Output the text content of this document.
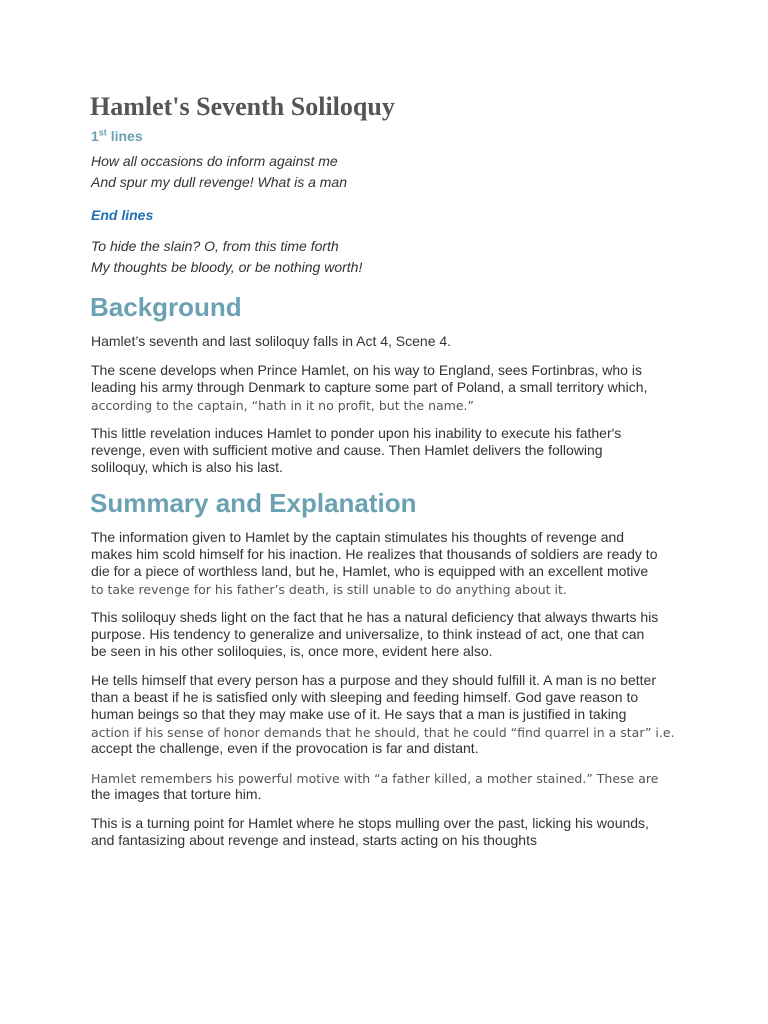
Hamlet's Seventh Soliloquy
1st lines
How all occasions do inform against me
And spur my dull revenge! What is a man
End lines
To hide the slain? O, from this time forth
My thoughts be bloody, or be nothing worth!
Background
Hamlet’s seventh and last soliloquy falls in Act 4, Scene 4.
The scene develops when Prince Hamlet, on his way to England, sees Fortinbras, who is
leading his army through Denmark to capture some part of Poland, a small territory which,
according to the captain, “hath in it no profit, but the name.”
This little revelation induces Hamlet to ponder upon his inability to execute his father's
revenge, even with sufficient motive and cause. Then Hamlet delivers the following
soliloquy, which is also his last.
Summary and Explanation
The information given to Hamlet by the captain stimulates his thoughts of revenge and
makes him scold himself for his inaction. He realizes that thousands of soldiers are ready to
die for a piece of worthless land, but he, Hamlet, who is equipped with an excellent motive
to take revenge for his father’s death, is still unable to do anything about it.
This soliloquy sheds light on the fact that he has a natural deficiency that always thwarts his
purpose. His tendency to generalize and universalize, to think instead of act, one that can
be seen in his other soliloquies, is, once more, evident here also.
He tells himself that every person has a purpose and they should fulfill it. A man is no better
than a beast if he is satisfied only with sleeping and feeding himself. God gave reason to
human beings so that they may make use of it. He says that a man is justified in taking
action if his sense of honor demands that he should, that he could “find quarrel in a star” i.e.
accept the challenge, even if the provocation is far and distant.
Hamlet remembers his powerful motive with “a father killed, a mother stained.” These are
the images that torture him.
This is a turning point for Hamlet where he stops mulling over the past, licking his wounds,
and fantasizing about revenge and instead, starts acting on his thoughts
